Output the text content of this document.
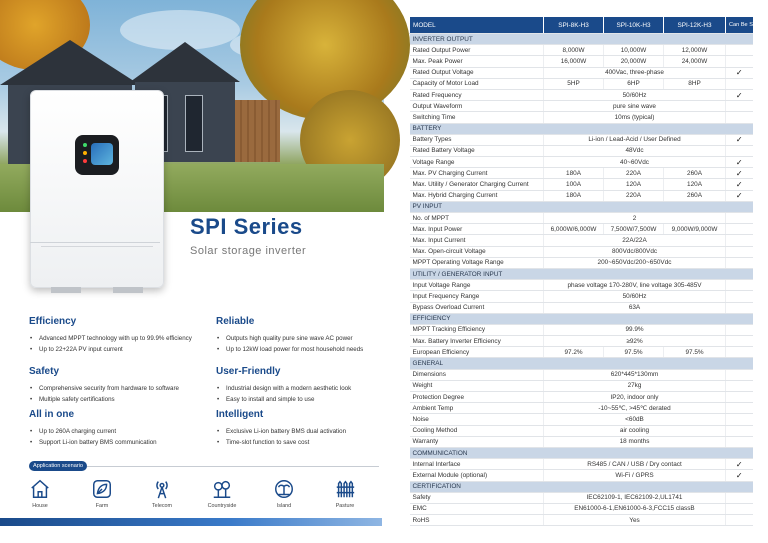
SPI Series
Solar storage inverter
Efficiency
• Advanced MPPT technology with up to 99.9% efficiency
• Up to 22+22A PV input current
Reliable
• Outputs high quality pure sine wave AC power
• Up to 12kW load power for most household needs
Safety
• Comprehensive security from hardware to software
• Multiple safety certifications
User-Friendly
• Industrial design with a modern aesthetic look
• Easy to install and simple to use
All in one
• Up to 260A charging current
• Support Li-ion battery BMS communication
Intelligent
• Exclusive Li-ion battery BMS dual activation
• Time-slot function to save cost
Application scenario
House	Farm	Telecom	Countryside	Island	Pasture
MODEL	SPI-8K-H3	SPI-10K-H3	SPI-12K-H3	Can Be Set
INVERTER OUTPUT				
Rated Output Power	8,000W	10,000W	12,000W	
Max. Peak Power	16,000W	20,000W	24,000W	
Rated Output Voltage	400Vac, three-phase			✓
Capacity of Motor Load	5HP	6HP	8HP	
Rated Frequency	50/60Hz			✓
Output Waveform	pure sine wave			
Switching Time	10ms (typical)			
BATTERY				
Battery Types	Li-ion / Lead-Acid / User Defined			✓
Rated Battery Voltage	48Vdc			
Voltage Range	40~60Vdc			✓
Max. PV Charging Current	180A	220A	260A	✓
Max. Utility / Generator Charging Current	100A	120A	120A	✓
Max. Hybrid Charging Current	180A	220A	260A	✓
PV INPUT				
No. of MPPT	2			
Max. Input Power	6,000W/6,000W	7,500W/7,500W	9,000W/9,000W	
Max. Input Current	22A/22A			
Max. Open-circuit Voltage	800Vdc/800Vdc			
MPPT Operating Voltage Range	200~650Vdc/200~650Vdc			
UTILITY / GENERATOR INPUT				
Input Voltage Range	phase voltage 170-280V, line voltage 305-485V			
Input Frequency Range	50/60Hz			
Bypass Overload Current	63A			
EFFICIENCY				
MPPT Tracking Efficiency	99.9%			
Max. Battery Inverter Efficiency	≥92%			
European Efficiency	97.2%	97.5%	97.5%	
GENERAL				
Dimensions	620*445*130mm			
Weight	27kg			
Protection Degree	IP20, indoor only			
Ambient Temp	-10~55℃, >45℃ derated			
Noise	<60dB			
Cooling Method	air cooling			
Warranty	18 months			
COMMUNICATION				
Internal Interface	RS485 / CAN / USB / Dry contact			✓
External Module (optional)	Wi-Fi / GPRS			✓
CERTIFICATION				
Safety	IEC62109-1, IEC62109-2,UL1741			
EMC	EN61000-6-1,EN61000-6-3,FCC15 classB			
RoHS	Yes			
